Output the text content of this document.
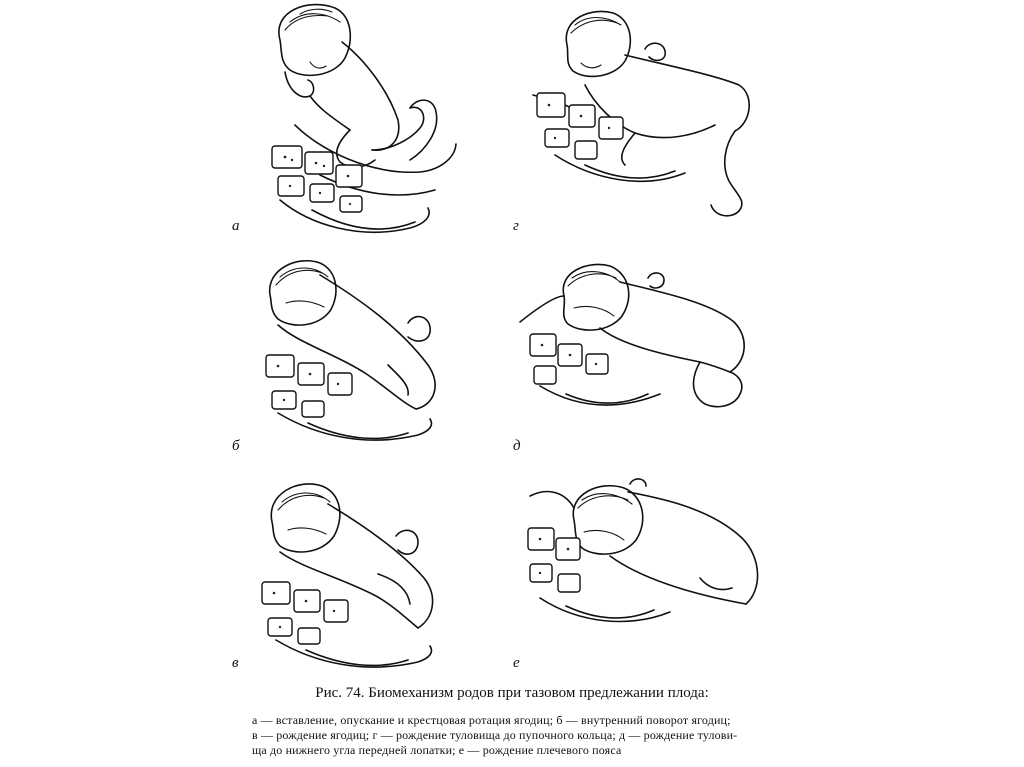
а
б
в
г
д
е
Рис. 74. Биомеханизм родов при тазовом предлежании плода:
а — вставление, опускание и крестцовая ротация ягодиц; б — внутренний поворот ягодиц;
в — рождение ягодиц; г — рождение туловища до пупочного кольца; д — рождение тулови-
ща до нижнего угла передней лопатки; е — рождение плечевого пояса
